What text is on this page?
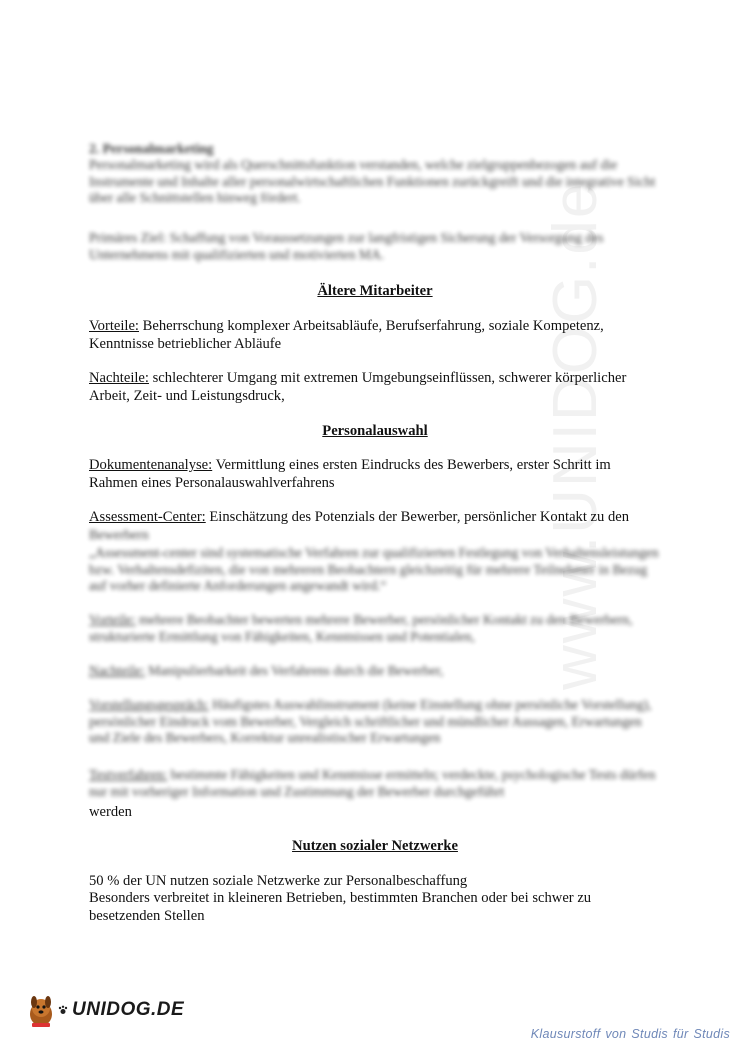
www.UNIDOG.de
2. Personalmarketing
Personalmarketing wird als Querschnittsfunktion verstanden, welche zielgruppenbezogen auf die Instrumente und Inhalte aller personalwirtschaftlichen Funktionen zurückgreift und die integrative Sicht über alle Schnittstellen hinweg fördert.
Primäres Ziel: Schaffung von Voraussetzungen zur langfristigen Sicherung der Versorgung des Unternehmens mit qualifizierten und motivierten MA.
Ältere Mitarbeiter
Vorteile: Beherrschung komplexer Arbeitsabläufe, Berufserfahrung, soziale Kompetenz, Kenntnisse betrieblicher Abläufe
Nachteile: schlechterer Umgang mit extremen Umgebungseinflüssen, schwerer körperlicher Arbeit, Zeit- und Leistungsdruck,
Personalauswahl
Dokumentenanalyse: Vermittlung eines ersten Eindrucks des Bewerbers, erster Schritt im Rahmen eines Personalauswahlverfahrens
Assessment-Center: Einschätzung des Potenzials der Bewerber, persönlicher Kontakt zu den
Bewerbern
„Assessment-center sind systematische Verfahren zur qualifizierten Festlegung von Verhaltensleistungen bzw. Verhaltensdefiziten, die von mehreren Beobachtern gleichzeitig für mehrere Teilnehmer in Bezug auf vorher definierte Anforderungen angewandt wird.“
Vorteile: mehrere Beobachter bewerten mehrere Bewerber, persönlicher Kontakt zu den Bewerbern, strukturierte Ermittlung von Fähigkeiten, Kenntnissen und Potentialen,
Nachteile: Manipulierbarkeit des Verfahrens durch die Bewerber,
Vorstellungsgespräch: Häufigstes Auswahlinstrument (keine Einstellung ohne persönliche Vorstellung), persönlicher Eindruck vom Bewerber, Vergleich schriftlicher und mündlicher Aussagen, Erwartungen und Ziele des Bewerbers, Korrektur unrealistischer Erwartungen
Testverfahren: bestimmte Fähigkeiten und Kenntnisse ermitteln; verdeckte, psychologische Tests dürfen nur mit vorheriger Information und Zustimmung der Bewerber durchgeführt
werden
Nutzen sozialer Netzwerke
50 % der UN nutzen soziale Netzwerke zur Personalbeschaffung
Besonders verbreitet in kleineren Betrieben, bestimmten Branchen oder bei schwer zu besetzenden Stellen
UNIDOG.DE
Klausurstoff von Studis für Studis
